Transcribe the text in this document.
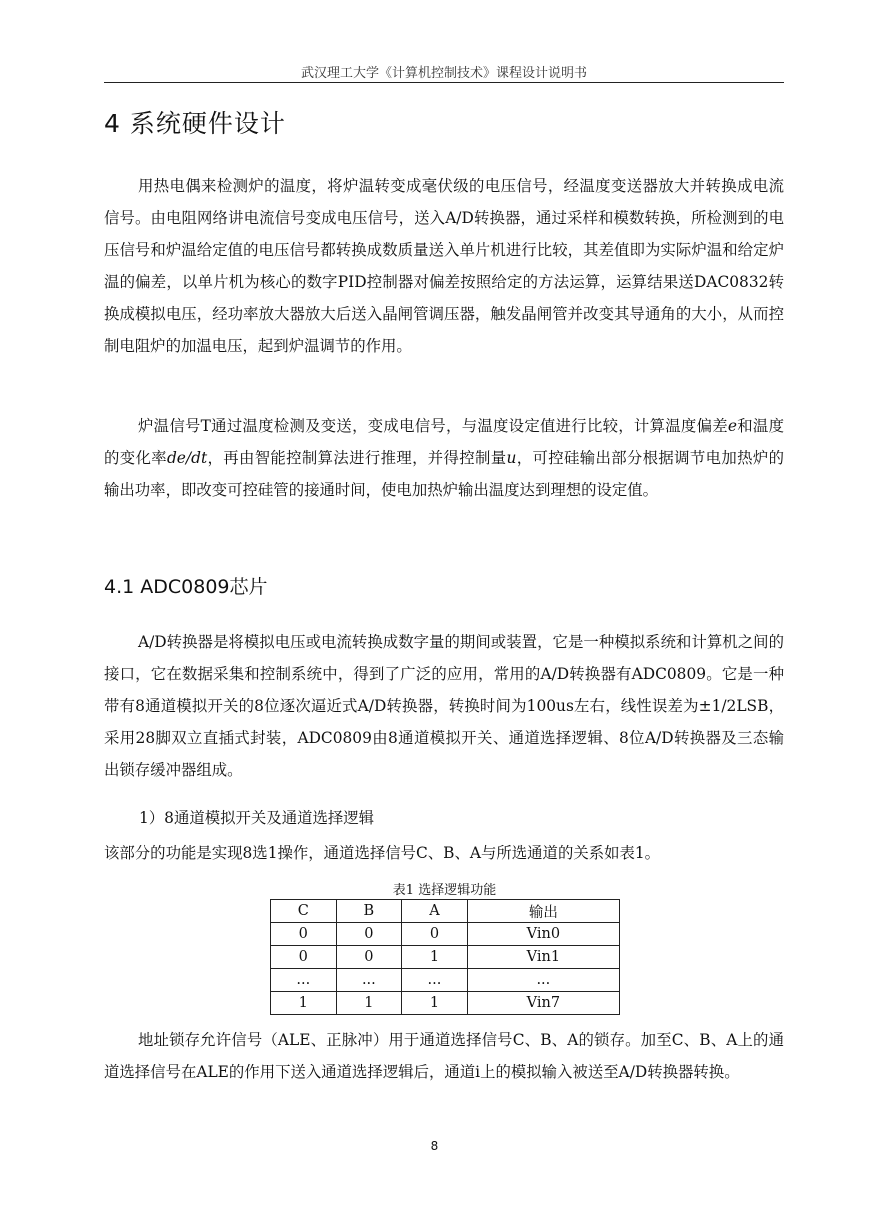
武汉理工大学《计算机控制技术》课程设计说明书
4 系统硬件设计
用热电偶来检测炉的温度，将炉温转变成毫伏级的电压信号，经温度变送器放大并转换成电流信号。由电阻网络讲电流信号变成电压信号，送入A/D转换器，通过采样和模数转换，所检测到的电压信号和炉温给定值的电压信号都转换成数质量送入单片机进行比较，其差值即为实际炉温和给定炉温的偏差，以单片机为核心的数字PID控制器对偏差按照给定的方法运算，运算结果送DAC0832转换成模拟电压，经功率放大器放大后送入晶闸管调压器，触发晶闸管并改变其导通角的大小，从而控制电阻炉的加温电压，起到炉温调节的作用。
炉温信号T通过温度检测及变送，变成电信号，与温度设定值进行比较，计算温度偏差e和温度的变化率de/dt，再由智能控制算法进行推理，并得控制量u，可控硅输出部分根据调节电加热炉的输出功率，即改变可控硅管的接通时间，使电加热炉输出温度达到理想的设定值。
4.1 ADC0809芯片
A/D转换器是将模拟电压或电流转换成数字量的期间或装置，它是一种模拟系统和计算机之间的接口，它在数据采集和控制系统中，得到了广泛的应用，常用的A/D转换器有ADC0809。它是一种带有8通道模拟开关的8位逐次逼近式A/D转换器，转换时间为100us左右，线性误差为±1/2LSB，采用28脚双立直插式封装，ADC0809由8通道模拟开关、通道选择逻辑、8位A/D转换器及三态输出锁存缓冲器组成。
1）8通道模拟开关及通道选择逻辑
该部分的功能是实现8选1操作，通道选择信号C、B、A与所选通道的关系如表1。
表1 选择逻辑功能
C	B	A	输出
0	0	0	Vin0
0	0	1	Vin1
...	...	...	...
1	1	1	Vin7
地址锁存允许信号（ALE、正脉冲）用于通道选择信号C、B、A的锁存。加至C、B、A上的通道选择信号在ALE的作用下送入通道选择逻辑后，通道i上的模拟输入被送至A/D转换器转换。
8
